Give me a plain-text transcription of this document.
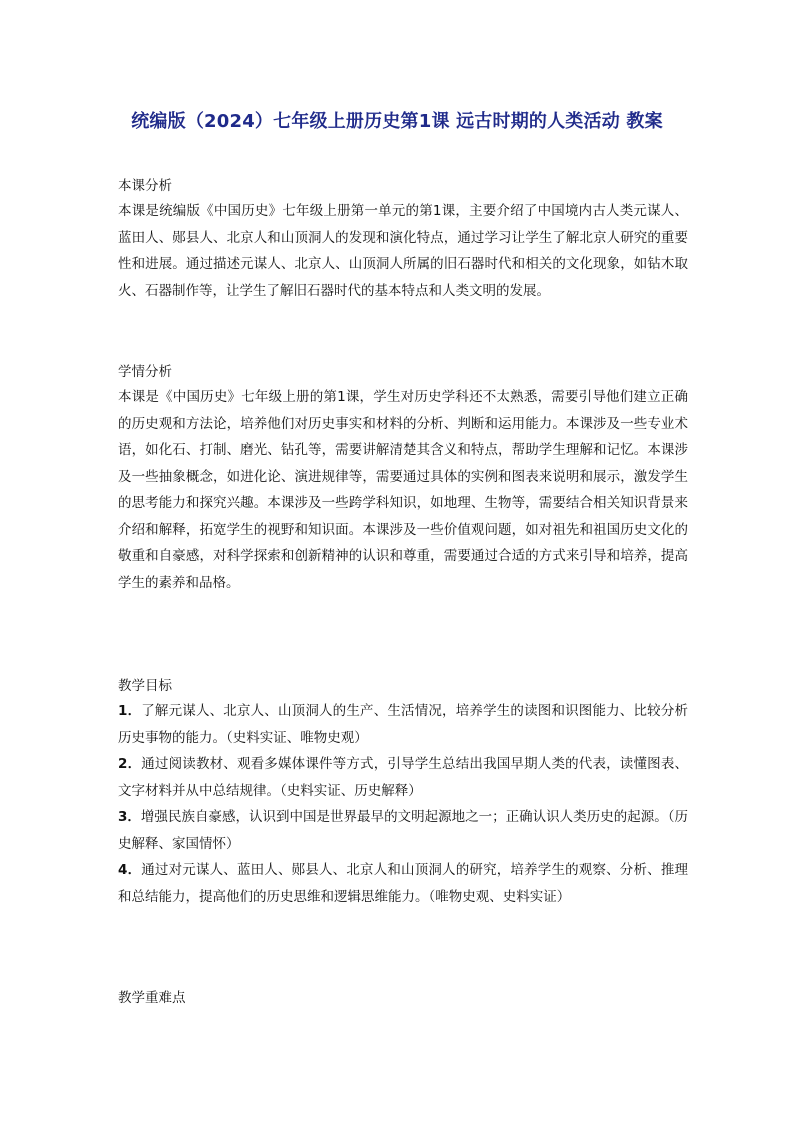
统编版（2024）七年级上册历史第1课 远古时期的人类活动 教案

本课分析

本课是统编版《中国历史》七年级上册第一单元的第1课，主要介绍了中国境内古人类元谋人、蓝田人、郧县人、北京人和山顶洞人的发现和演化特点，通过学习让学生了解北京人研究的重要性和进展。通过描述元谋人、北京人、山顶洞人所属的旧石器时代和相关的文化现象，如钻木取火、石器制作等，让学生了解旧石器时代的基本特点和人类文明的发展。

学情分析

本课是《中国历史》七年级上册的第1课，学生对历史学科还不太熟悉，需要引导他们建立正确的历史观和方法论，培养他们对历史事实和材料的分析、判断和运用能力。本课涉及一些专业术语，如化石、打制、磨光、钻孔等，需要讲解清楚其含义和特点，帮助学生理解和记忆。本课涉及一些抽象概念，如进化论、演进规律等，需要通过具体的实例和图表来说明和展示，激发学生的思考能力和探究兴趣。本课涉及一些跨学科知识，如地理、生物等，需要结合相关知识背景来介绍和解释，拓宽学生的视野和知识面。本课涉及一些价值观问题，如对祖先和祖国历史文化的敬重和自豪感，对科学探索和创新精神的认识和尊重，需要通过合适的方式来引导和培养，提高学生的素养和品格。

教学目标

1．了解元谋人、北京人、山顶洞人的生产、生活情况，培养学生的读图和识图能力、比较分析历史事物的能力。（史料实证、唯物史观）

2．通过阅读教材、观看多媒体课件等方式，引导学生总结出我国早期人类的代表，读懂图表、文字材料并从中总结规律。（史料实证、历史解释）

3．增强民族自豪感，认识到中国是世界最早的文明起源地之一；正确认识人类历史的起源。（历史解释、家国情怀）

4．通过对元谋人、蓝田人、郧县人、北京人和山顶洞人的研究，培养学生的观察、分析、推理和总结能力，提高他们的历史思维和逻辑思维能力。（唯物史观、史料实证）

教学重难点
